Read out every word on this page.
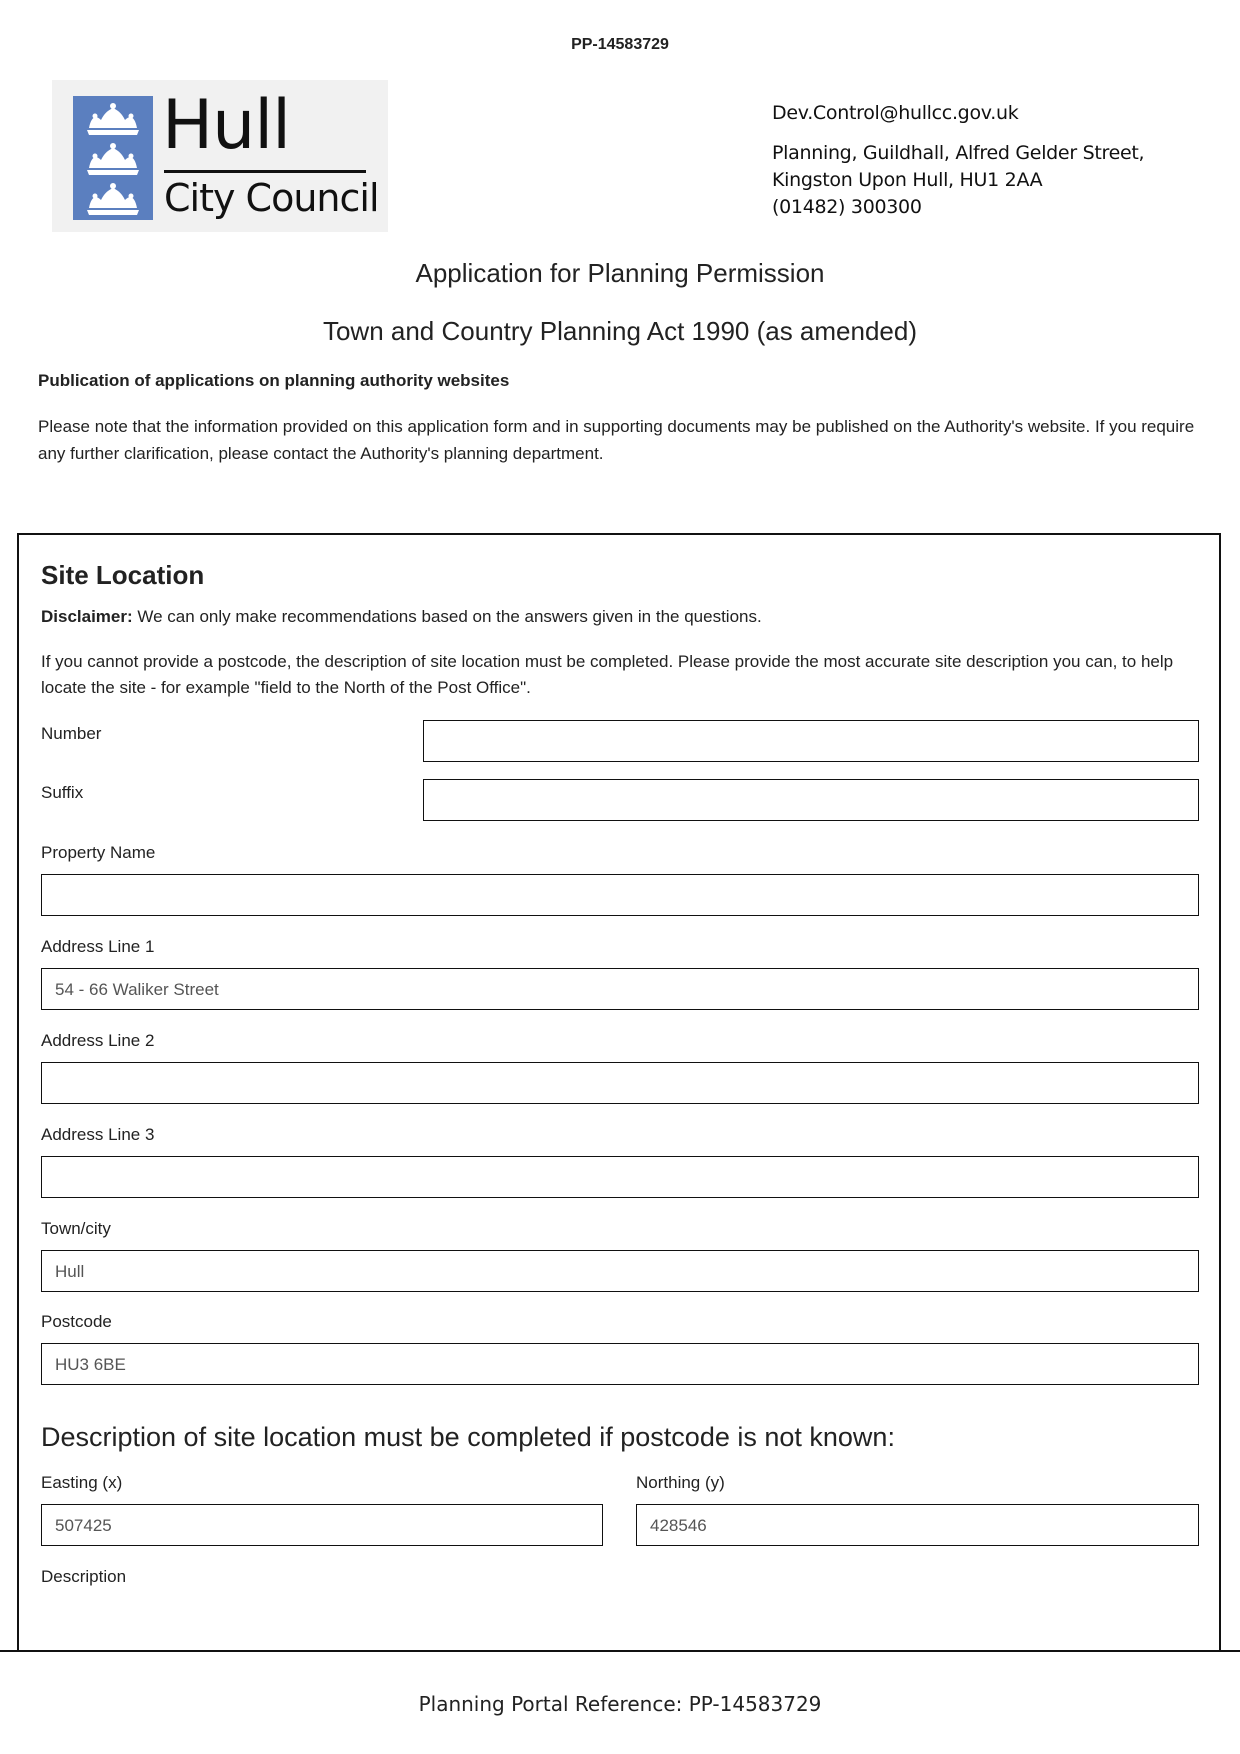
PP-14583729
Hull
City Council
Dev.Control@hullcc.gov.uk
Planning, Guildhall, Alfred Gelder Street,
Kingston Upon Hull, HU1 2AA
(01482) 300300
Application for Planning Permission
Town and Country Planning Act 1990 (as amended)
Publication of applications on planning authority websites
Please note that the information provided on this application form and in supporting documents may be published on the Authority's website. If you require any further clarification, please contact the Authority's planning department.
Site Location
Disclaimer: We can only make recommendations based on the answers given in the questions.
If you cannot provide a postcode, the description of site location must be completed. Please provide the most accurate site description you can, to help locate the site - for example "field to the North of the Post Office".
Number
Suffix
Property Name
Address Line 1
54 - 66 Waliker Street
Address Line 2
Address Line 3
Town/city
Hull
Postcode
HU3 6BE
Description of site location must be completed if postcode is not known:
Easting (x)
507425
Northing (y)
428546
Description
Planning Portal Reference: PP-14583729
